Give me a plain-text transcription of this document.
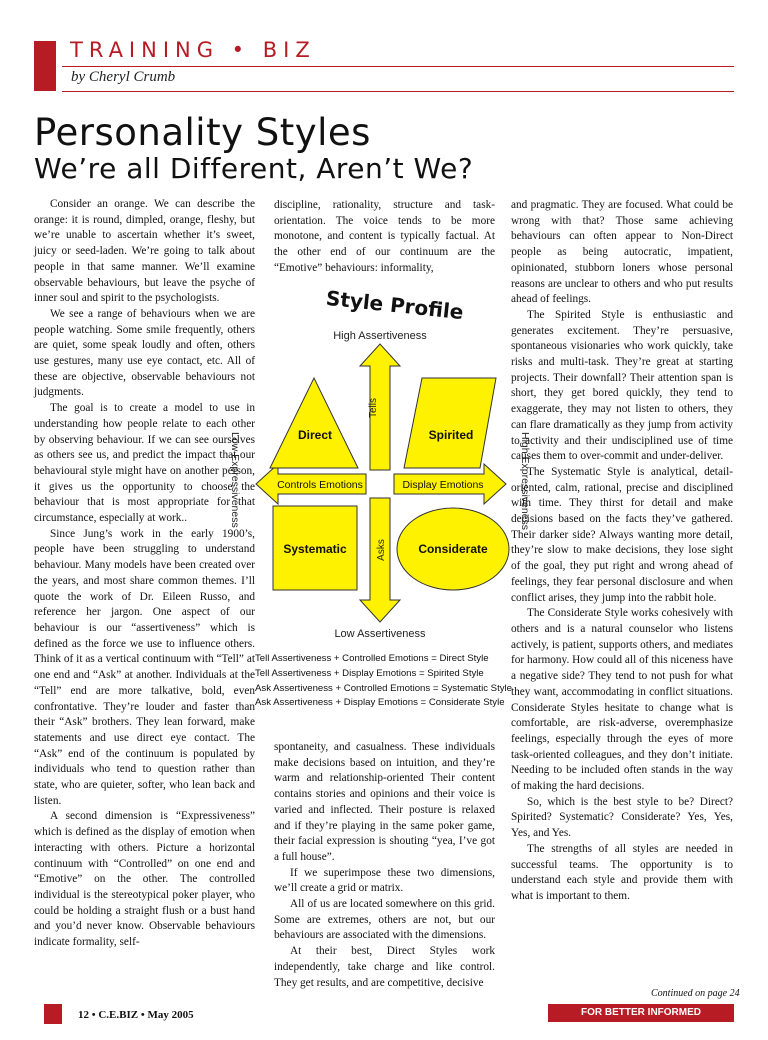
TRAINING • BIZ
by Cheryl Crumb
Personality Styles
We’re all Different, Aren’t We?

Consider an orange. We can describe the orange: it is round, dimpled, orange, fleshy, but we’re unable to ascertain whether it’s sweet, juicy or seed-laden. We’re going to talk about people in that same manner. We’ll examine observable behaviours, but leave the psyche of inner soul and spirit to the psychologists.

We see a range of behaviours when we are people watching. Some smile frequently, others are quiet, some speak loudly and often, others use gestures, many use eye contact, etc. All of these are objective, observable behaviours not judgments.

The goal is to create a model to use in understanding how people relate to each other by observing behaviour. If we can see ourselves as others see us, and predict the impact that our behavioural style might have on another person, it gives us the opportunity to choose the behaviour that is most appropriate for that circumstance, especially at work..

Since Jung’s work in the early 1900’s, people have been struggling to understand behaviour. Many models have been created over the years, and most share common themes. I’ll quote the work of Dr. Eileen Russo, and reference her jargon. One aspect of our behaviour is our “assertiveness” which is defined as the force we use to influence others. Think of it as a vertical continuum with “Tell” at one end and “Ask” at another. Individuals at the “Tell” end are more talkative, bold, even confrontative. They’re louder and faster than their “Ask” brothers. They lean forward, make statements and use direct eye contact. The “Ask” end of the continuum is populated by individuals who tend to question rather than state, who are quieter, softer, who lean back and listen.

A second dimension is “Expressiveness” which is defined as the display of emotion when interacting with others. Picture a horizontal continuum with “Controlled” on one end and “Emotive” on the other. The controlled individual is the stereotypical poker player, who could be holding a straight flush or a bust hand and you’d never know. Observable behaviours indicate formality, self-

discipline, rationality, structure and task-orientation. The voice tends to be more monotone, and content is typically factual. At the other end of our continuum are the “Emotive” behaviours: informality,

Style Profile
High Assertiveness
Low Assertiveness
Low Expressiveness	High Expressiveness
Tells
Asks
Controls Emotions	Display Emotions
Direct	Spirited
Systematic	Considerate
Tell Assertiveness + Controlled Emotions = Direct Style
Tell Assertiveness + Display Emotions = Spirited Style
Ask Assertiveness + Controlled Emotions = Systematic Style
Ask Assertiveness + Display Emotions = Considerate Style

spontaneity, and casualness. These individuals make decisions based on intuition, and they’re warm and relationship-oriented Their content contains stories and opinions and their voice is varied and inflected. Their posture is relaxed and if they’re playing in the same poker game, their facial expression is shouting “yea, I’ve got a full house”.

If we superimpose these two dimensions, we’ll create a grid or matrix.

All of us are located somewhere on this grid. Some are extremes, others are not, but our behaviours are associated with the dimensions.

At their best, Direct Styles work independently, take charge and like control. They get results, and are competitive, decisive

and pragmatic. They are focused. What could be wrong with that? Those same achieving behaviours can often appear to Non-Direct people as being autocratic, impatient, opinionated, stubborn loners whose personal reasons are unclear to others and who put results ahead of feelings.

The Spirited Style is enthusiastic and generates excitement. They’re persuasive, spontaneous visionaries who work quickly, take risks and multi-task. They’re great at starting projects. Their downfall? Their attention span is short, they get bored quickly, they tend to exaggerate, they may not listen to others, they can flare dramatically as they jump from activity to activity and their undisciplined use of time causes them to over-commit and under-deliver.

The Systematic Style is analytical, detail-oriented, calm, rational, precise and disciplined with time. They thirst for detail and make decisions based on the facts they’ve gathered. Their darker side? Always wanting more detail, they’re slow to make decisions, they lose sight of the goal, they put right and wrong ahead of feelings, they fear personal disclosure and when conflict arises, they jump into the rabbit hole.

The Considerate Style works cohesively with others and is a natural counselor who listens actively, is patient, supports others, and mediates for harmony. How could all of this niceness have a negative side? They tend to not push for what they want, accommodating in conflict situations. Considerate Styles hesitate to change what is comfortable, are risk-adverse, overemphasize feelings, especially through the eyes of more task-oriented colleagues, and they don’t initiate. Needing to be included often stands in the way of making the hard decisions.

So, which is the best style to be? Direct? Spirited? Systematic? Considerate? Yes, Yes, Yes, and Yes.

The strengths of all styles are needed in successful teams. The opportunity is to understand each style and provide them with what is important to them.

Continued on page 24
12 • C.E.BIZ • May 2005	FOR BETTER INFORMED MERCHANTS
